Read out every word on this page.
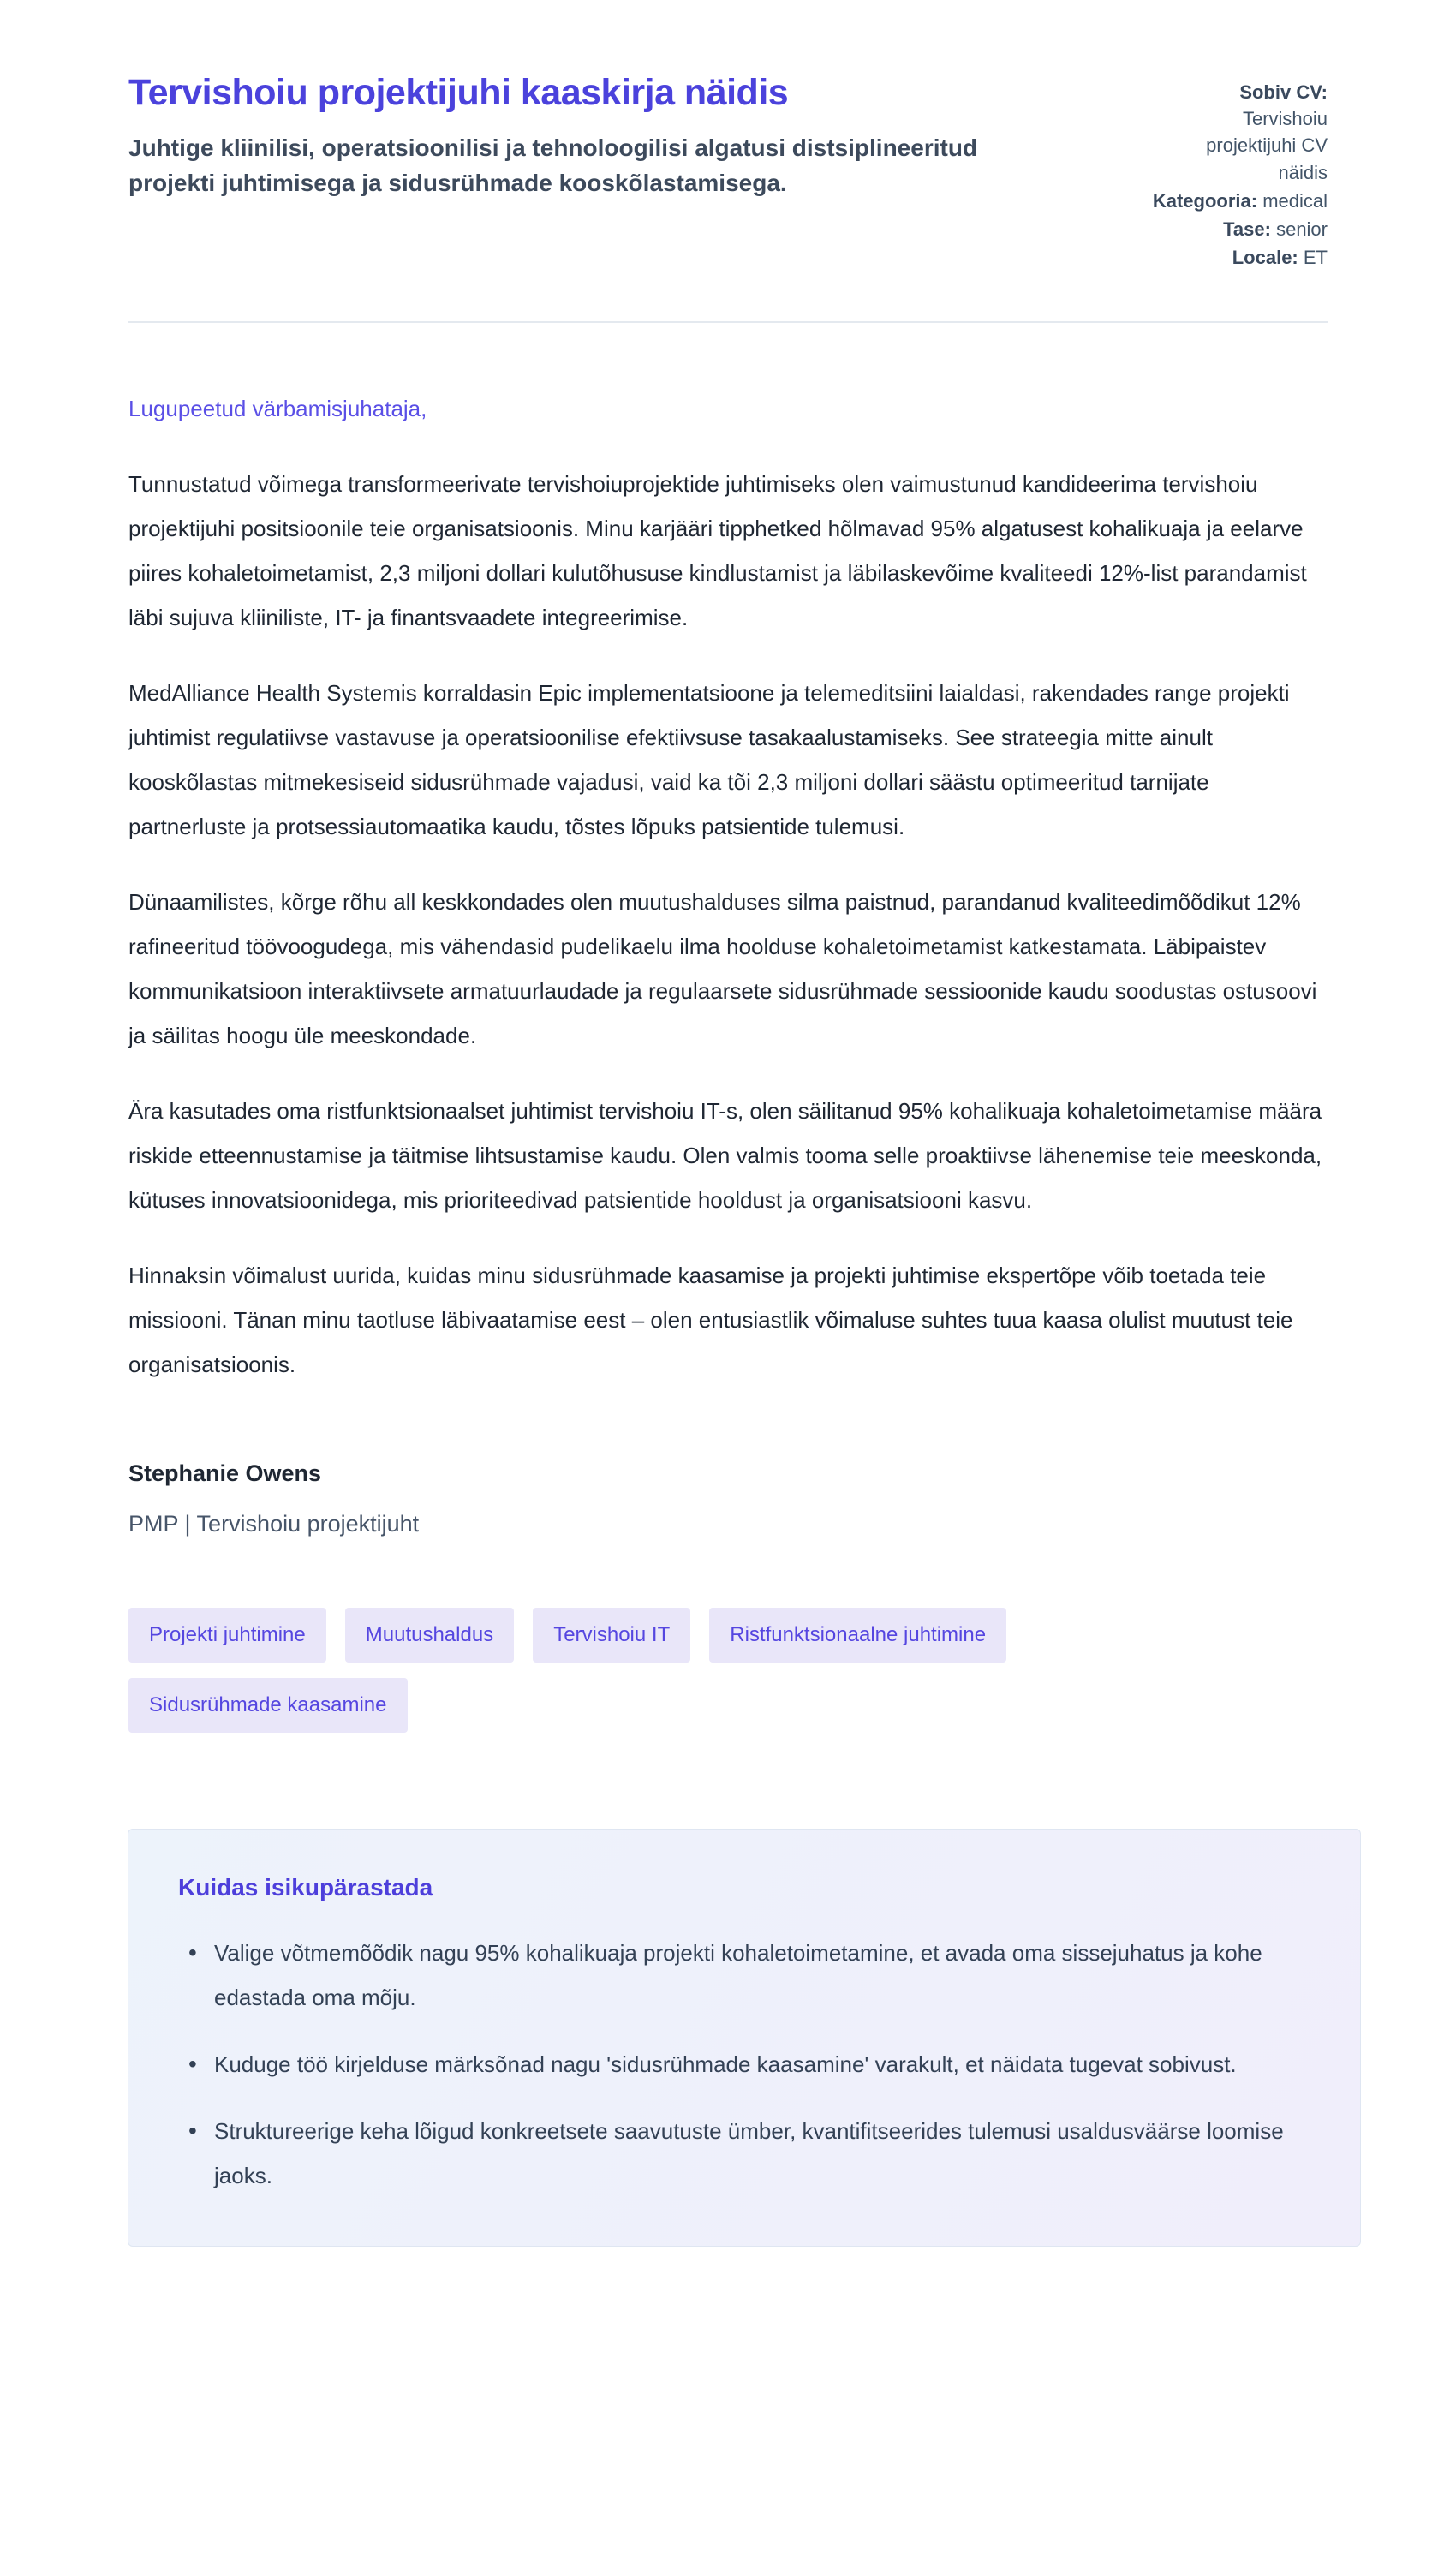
Tervishoiu projektijuhi kaaskirja näidis
Juhtige kliinilisi, operatsioonilisi ja tehnoloogilisi algatusi distsiplineeritud projekti juhtimisega ja sidusrühmade kooskõlastamisega.
Sobiv CV:
Tervishoiu projektijuhi CV näidis
Kategooria: medical
Tase: senior
Locale: ET

Lugupeetud värbamisjuhataja,

Tunnustatud võimega transformeerivate tervishoiuprojektide juhtimiseks olen vaimustunud kandideerima tervishoiu projektijuhi positsioonile teie organisatsioonis. Minu karjääri tipphetked hõlmavad 95% algatusest kohalikuaja ja eelarve piires kohaletoimetamist, 2,3 miljoni dollari kulutõhususe kindlustamist ja läbilaskevõime kvaliteedi 12%-list parandamist läbi sujuva kliiniliste, IT- ja finantsvaadete integreerimise.

MedAlliance Health Systemis korraldasin Epic implementatsioone ja telemeditsiini laialdasi, rakendades range projekti juhtimist regulatiivse vastavuse ja operatsioonilise efektiivsuse tasakaalustamiseks. See strateegia mitte ainult kooskõlastas mitmekesiseid sidusrühmade vajadusi, vaid ka tõi 2,3 miljoni dollari säästu optimeeritud tarnijate partnerluste ja protsessiautomaatika kaudu, tõstes lõpuks patsientide tulemusi.

Dünaamilistes, kõrge rõhu all keskkondades olen muutushalduses silma paistnud, parandanud kvaliteedimõõdikut 12% rafineeritud töövoogudega, mis vähendasid pudelikaelu ilma hoolduse kohaletoimetamist katkestamata. Läbipaistev kommunikatsioon interaktiivsete armatuurlaudade ja regulaarsete sidusrühmade sessioonide kaudu soodustas ostusoovi ja säilitas hoogu üle meeskondade.

Ära kasutades oma ristfunktsionaalset juhtimist tervishoiu IT-s, olen säilitanud 95% kohalikuaja kohaletoimetamise määra riskide etteennustamise ja täitmise lihtsustamise kaudu. Olen valmis tooma selle proaktiivse lähenemise teie meeskonda, kütuses innovatsioonidega, mis prioriteedivad patsientide hooldust ja organisatsiooni kasvu.

Hinnaksin võimalust uurida, kuidas minu sidusrühmade kaasamise ja projekti juhtimise ekspertõpe võib toetada teie missiooni. Tänan minu taotluse läbivaatamise eest – olen entusiastlik võimaluse suhtes tuua kaasa olulist muutust teie organisatsioonis.

Stephanie Owens
PMP | Tervishoiu projektijuht
Projekti juhtimine	Muutushaldus	Tervishoiu IT	Ristfunktsionaalne juhtimine
Sidusrühmade kaasamine
Kuidas isikupärastada
• Valige võtmemõõdik nagu 95% kohalikuaja projekti kohaletoimetamine, et avada oma sissejuhatus ja kohe edastada oma mõju.
• Kuduge töö kirjelduse märksõnad nagu 'sidusrühmade kaasamine' varakult, et näidata tugevat sobivust.
• Struktureerige keha lõigud konkreetsete saavutuste ümber, kvantifitseerides tulemusi usaldusväärse loomise jaoks.
